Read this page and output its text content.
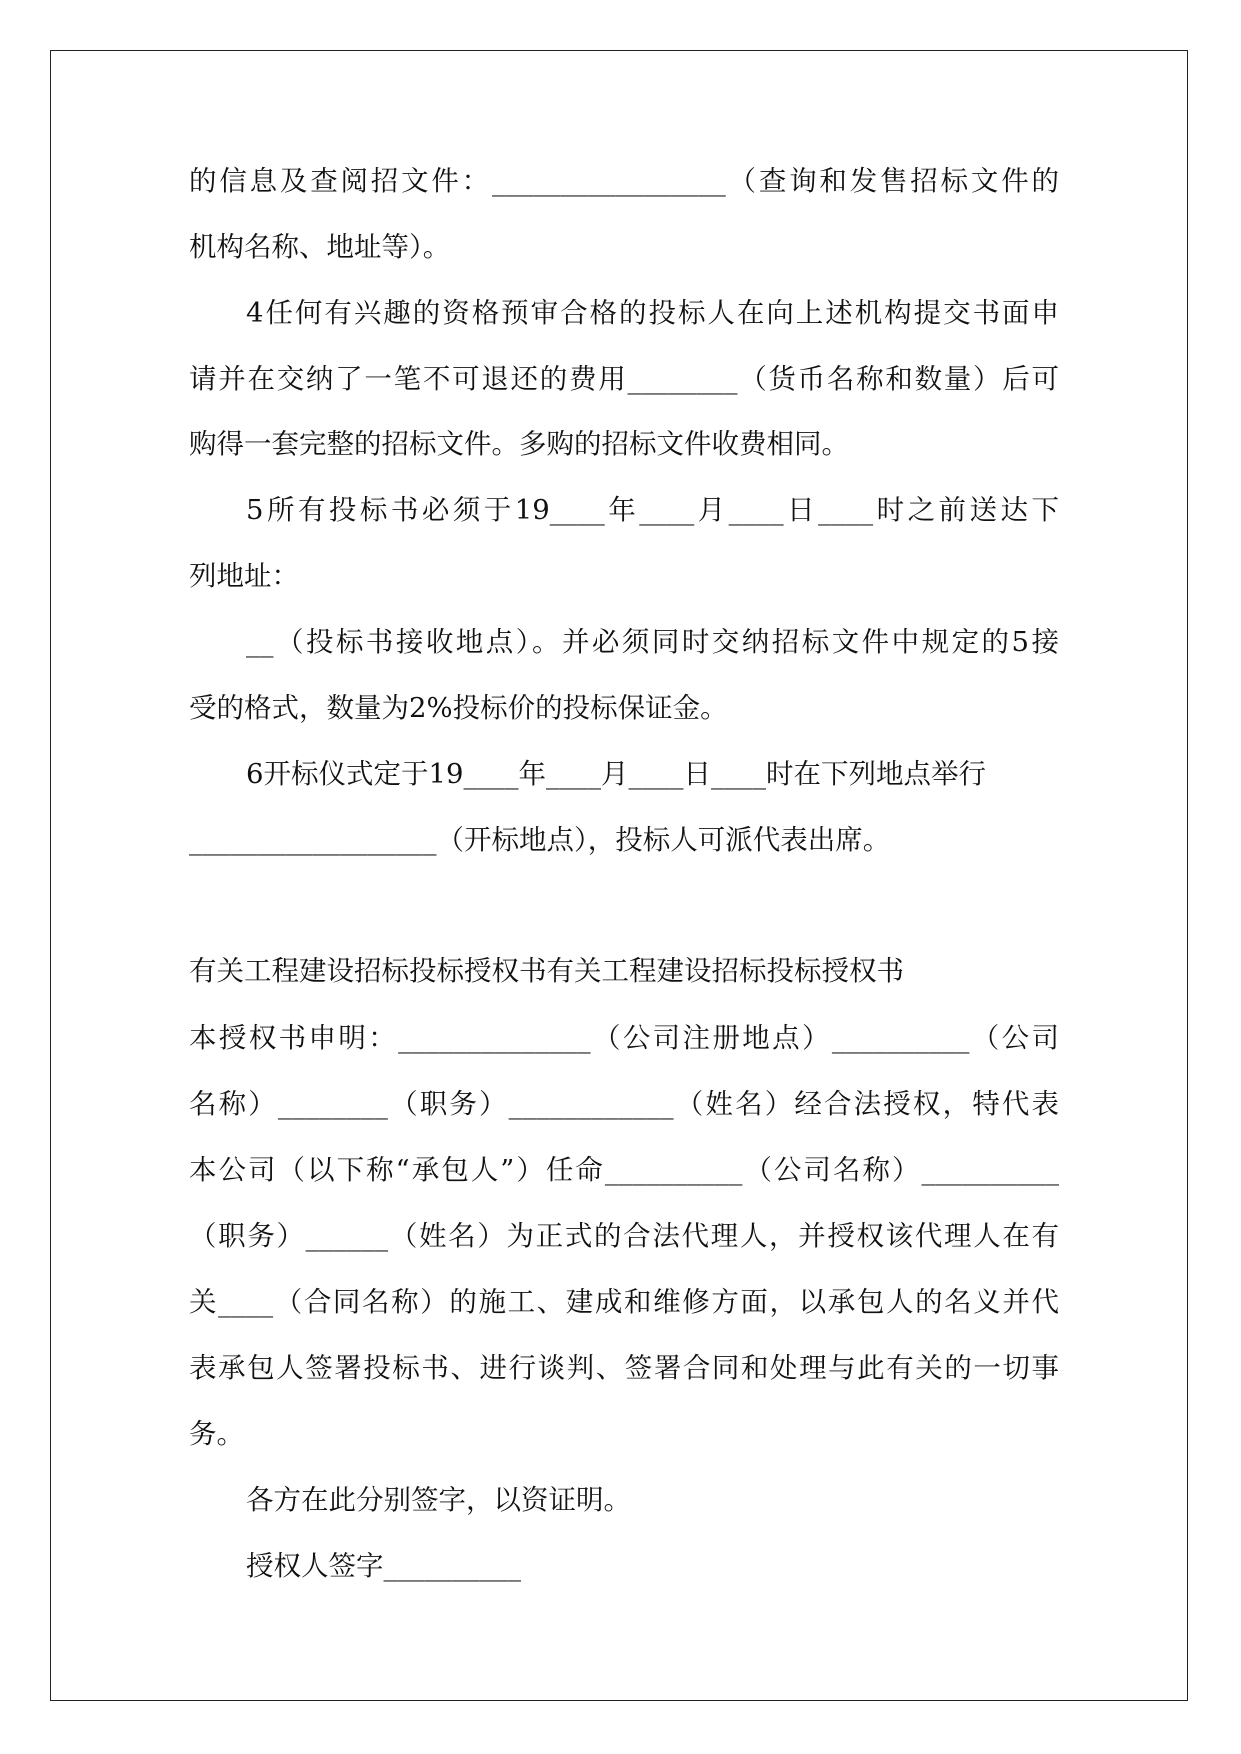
的信息及查阅招文件：_________________（查询和发售招标文件的
机构名称、地址等）。
4任何有兴趣的资格预审合格的投标人在向上述机构提交书面申
请并在交纳了一笔不可退还的费用________（货币名称和数量）后可
购得一套完整的招标文件。多购的招标文件收费相同。
5所有投标书必须于19____年____月____日____时之前送达下
列地址：
__（投标书接收地点）。并必须同时交纳招标文件中规定的5接
受的格式，数量为2%投标价的投标保证金。
6开标仪式定于19____年____月____日____时在下列地点举行
__________________（开标地点），投标人可派代表出席。
有关工程建设招标投标授权书有关工程建设招标投标授权书
本授权书申明：______________（公司注册地点）__________（公司
名称）________（职务）____________（姓名）经合法授权，特代表
本公司（以下称“承包人”）任命__________（公司名称）__________
（职务）______（姓名）为正式的合法代理人，并授权该代理人在有
关____（合同名称）的施工、建成和维修方面，以承包人的名义并代
表承包人签署投标书、进行谈判、签署合同和处理与此有关的一切事
务。
各方在此分别签字，以资证明。
授权人签字__________
